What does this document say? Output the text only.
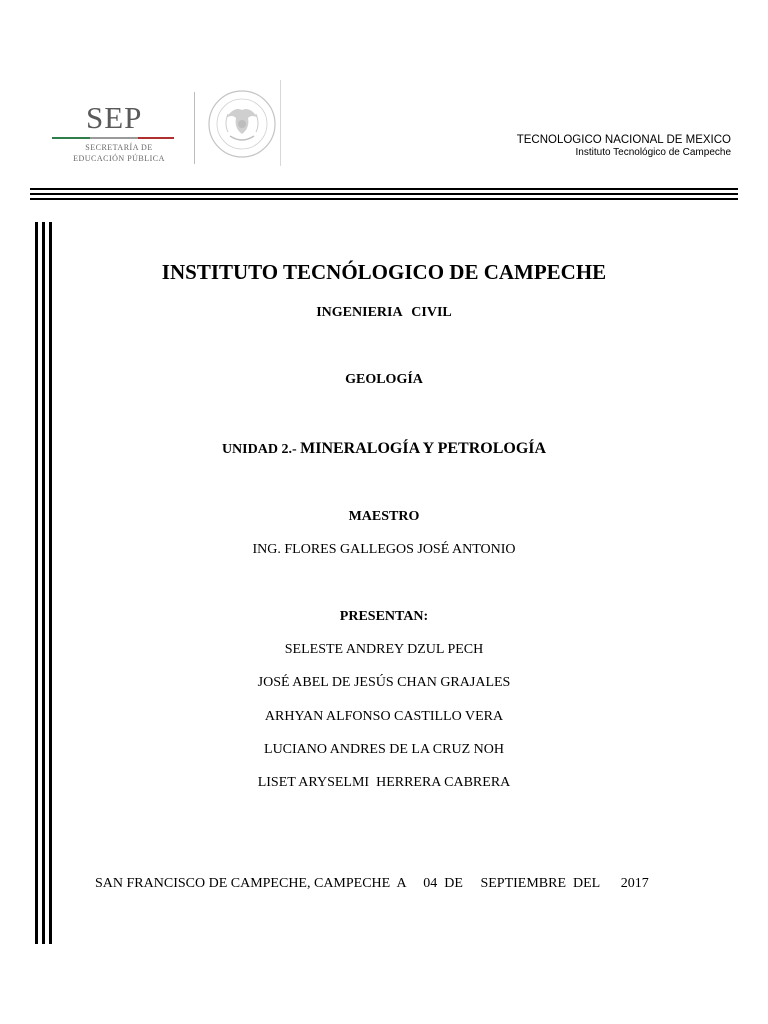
SEP
SECRETARÍA DE
EDUCACIÓN PÚBLICA
TECNOLOGICO NACIONAL DE MEXICO
Instituto Tecnológico de Campeche
INSTITUTO TECNÓLOGICO DE CAMPECHE
INGENIERIA CIVIL
GEOLOGÍA
UNIDAD 2.- MINERALOGÍA Y PETROLOGÍA
MAESTRO
ING. FLORES GALLEGOS JOSÉ ANTONIO
PRESENTAN:
SELESTE ANDREY DZUL PECH
JOSÉ ABEL DE JESÚS CHAN GRAJALES
ARHYAN ALFONSO CASTILLO VERA
LUCIANO ANDRES DE LA CRUZ NOH
LISET ARYSELMI  HERRERA CABRERA
SAN FRANCISCO DE CAMPECHE, CAMPECHE  A     04  DE     SEPTIEMBRE  DEL      2017
